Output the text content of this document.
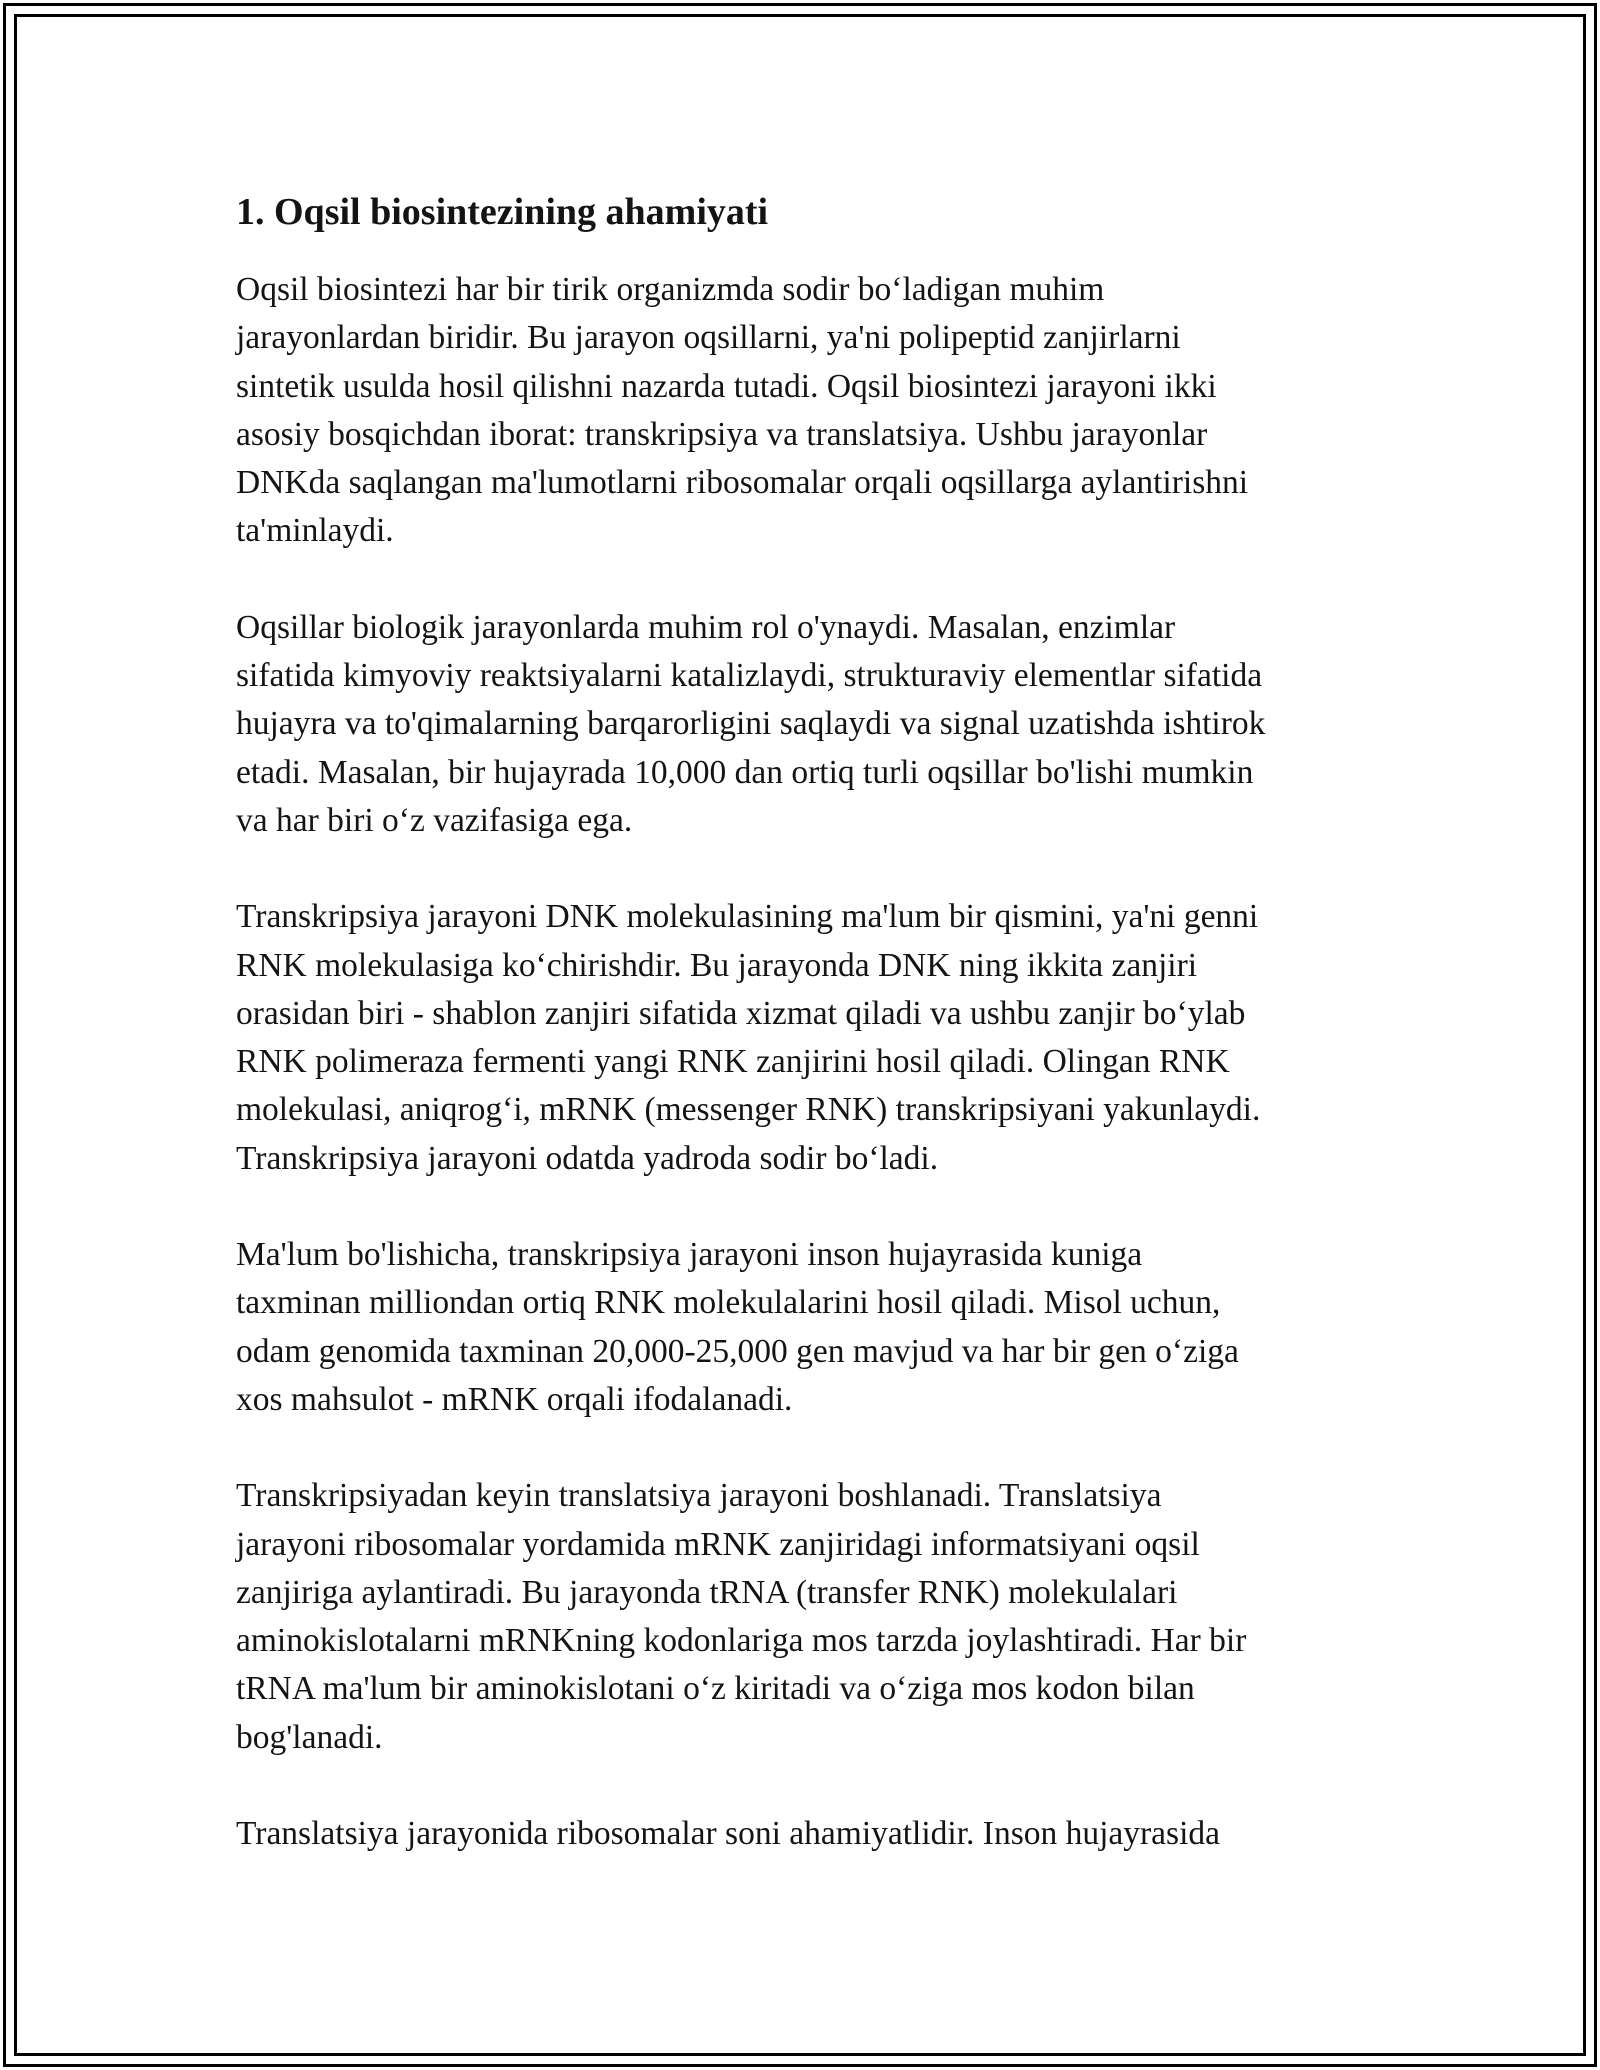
1. Oqsil biosintezining ahamiyati

Oqsil biosintezi har bir tirik organizmda sodir bo‘ladigan muhim
jarayonlardan biridir. Bu jarayon oqsillarni, ya'ni polipeptid zanjirlarni
sintetik usulda hosil qilishni nazarda tutadi. Oqsil biosintezi jarayoni ikki
asosiy bosqichdan iborat: transkripsiya va translatsiya. Ushbu jarayonlar
DNKda saqlangan ma'lumotlarni ribosomalar orqali oqsillarga aylantirishni
ta'minlaydi.

Oqsillar biologik jarayonlarda muhim rol o'ynaydi. Masalan, enzimlar
sifatida kimyoviy reaktsiyalarni katalizlaydi, strukturaviy elementlar sifatida
hujayra va to'qimalarning barqarorligini saqlaydi va signal uzatishda ishtirok
etadi. Masalan, bir hujayrada 10,000 dan ortiq turli oqsillar bo'lishi mumkin
va har biri o‘z vazifasiga ega.

Transkripsiya jarayoni DNK molekulasining ma'lum bir qismini, ya'ni genni
RNK molekulasiga ko‘chirishdir. Bu jarayonda DNK ning ikkita zanjiri
orasidan biri - shablon zanjiri sifatida xizmat qiladi va ushbu zanjir bo‘ylab
RNK polimeraza fermenti yangi RNK zanjirini hosil qiladi. Olingan RNK
molekulasi, aniqrog‘i, mRNK (messenger RNK) transkripsiyani yakunlaydi.
Transkripsiya jarayoni odatda yadroda sodir bo‘ladi.

Ma'lum bo'lishicha, transkripsiya jarayoni inson hujayrasida kuniga
taxminan milliondan ortiq RNK molekulalarini hosil qiladi. Misol uchun,
odam genomida taxminan 20,000-25,000 gen mavjud va har bir gen o‘ziga
xos mahsulot - mRNK orqali ifodalanadi.

Transkripsiyadan keyin translatsiya jarayoni boshlanadi. Translatsiya
jarayoni ribosomalar yordamida mRNK zanjiridagi informatsiyani oqsil
zanjiriga aylantiradi. Bu jarayonda tRNA (transfer RNK) molekulalari
aminokislotalarni mRNKning kodonlariga mos tarzda joylashtiradi. Har bir
tRNA ma'lum bir aminokislotani o‘z kiritadi va o‘ziga mos kodon bilan
bog'lanadi.

Translatsiya jarayonida ribosomalar soni ahamiyatlidir. Inson hujayrasida
